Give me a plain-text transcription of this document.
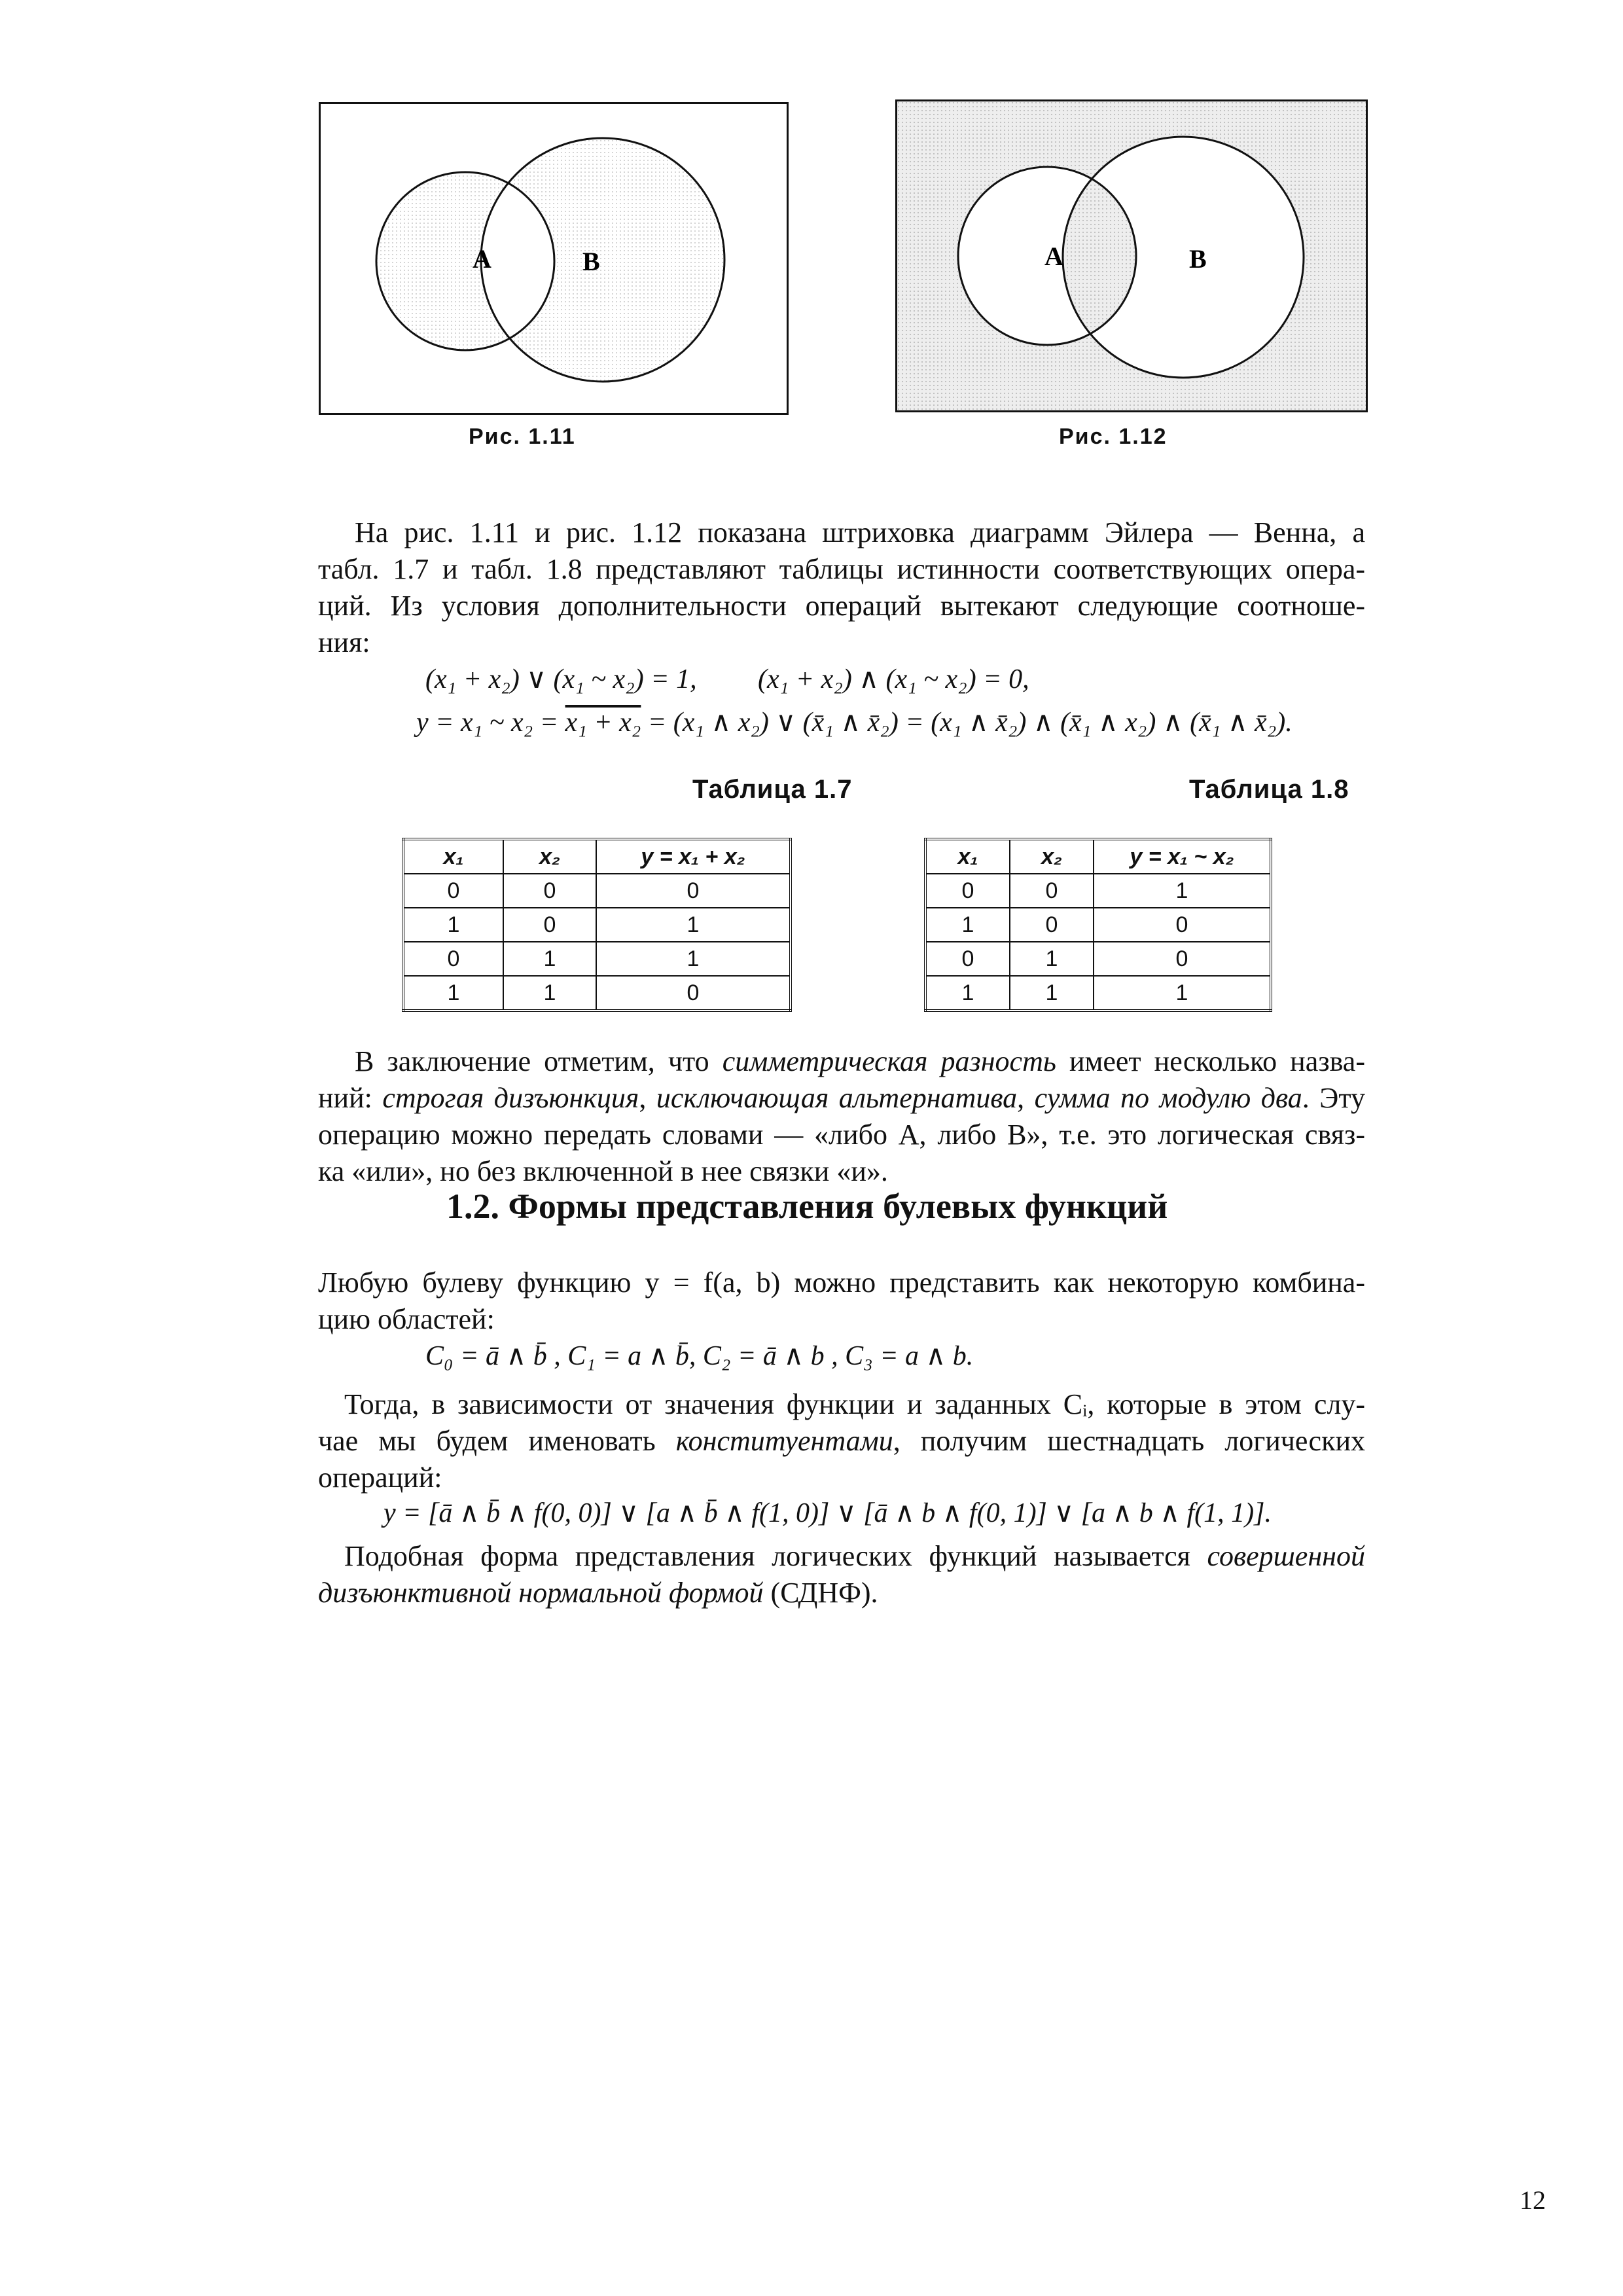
A	B
Рис. 1.11
A	B
Рис. 1.12
На рис. 1.11 и рис. 1.12 показана штриховка диаграмм Эйлера — Венна, а
табл. 1.7 и табл. 1.8 представляют таблицы истинности соответствующих опера-
ций. Из условия дополнительности операций вытекают следующие соотноше-
ния:
(x₁ + x₂) ∨ (x₁ ~ x₂) = 1, (x₁ + x₂) ∧ (x₁ ~ x₂) = 0,
y = x₁ ~ x₂ = x₁ + x₂ = (x₁ ∧ x₂) ∨ (x̄₁ ∧ x̄₂) = (x₁ ∧ x̄₂) ∧ (x̄₁ ∧ x₂) ∧ (x̄₁ ∧ x̄₂).
Таблица 1.7	Таблица 1.8
x₁	x₂	y = x₁ + x₂
0	0	0
1	0	1
0	1	1
1	1	0
x₁	x₂	y = x₁ ~ x₂
0	0	1
1	0	0
0	1	0
1	1	1
В заключение отметим, что симметрическая разность имеет несколько назва-
ний: строгая дизъюнкция, исключающая альтернатива, сумма по модулю два. Эту
операцию можно передать словами — «либо A, либо B», т.е. это логическая связ-
ка «или», но без включенной в нее связки «и».
1.2. Формы представления булевых функций
Любую булеву функцию y = f(a, b) можно представить как некоторую комбина-
цию областей:
C₀ = ā ∧ b̄ , C₁ = a ∧ b̄, C₂ = ā ∧ b , C₃ = a ∧ b.
Тогда, в зависимости от значения функции и заданных Cᵢ, которые в этом слу-
чае мы будем именовать конституентами, получим шестнадцать логических
операций:
y = [ā ∧ b̄ ∧ f(0, 0)] ∨ [a ∧ b̄ ∧ f(1, 0)] ∨ [ā ∧ b ∧ f(0, 1)] ∨ [a ∧ b ∧ f(1, 1)].
Подобная форма представления логических функций называется совершенной
дизъюнктивной нормальной формой (СДНФ).
12
